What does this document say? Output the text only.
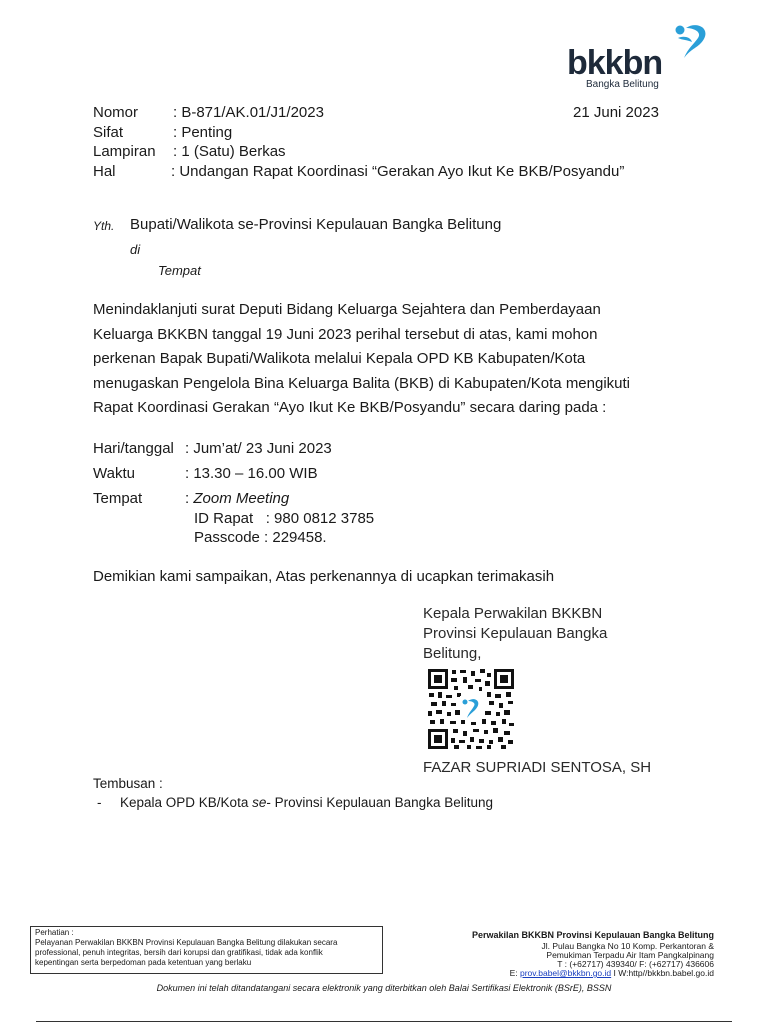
bkkbn
Bangka Belitung
Nomor : B-871/AK.01/J1/2023	21 Juni 2023
Sifat	: Penting
Lampiran : 1 (Satu) Berkas
Hal	: Undangan Rapat Koordinasi “Gerakan Ayo Ikut Ke BKB/Posyandu”
Yth. Bupati/Walikota se-Provinsi Kepulauan Bangka Belitung
di
Tempat
Menindaklanjuti surat Deputi Bidang Keluarga Sejahtera dan Pemberdayaan
Keluarga BKKBN tanggal 19 Juni 2023 perihal tersebut di atas, kami mohon
perkenan Bapak Bupati/Walikota melalui Kepala OPD KB Kabupaten/Kota
menugaskan Pengelola Bina Keluarga Balita (BKB) di Kabupaten/Kota mengikuti
Rapat Koordinasi Gerakan “Ayo Ikut Ke BKB/Posyandu” secara daring pada :
Hari/tanggal : Jum’at/ 23 Juni 2023
Waktu	: 13.30 – 16.00 WIB
Tempat	: Zoom Meeting
ID Rapat   : 980 0812 3785
Passcode : 229458.
Demikian kami sampaikan, Atas perkenannya di ucapkan terimakasih
Kepala Perwakilan BKKBN
Provinsi Kepulauan Bangka
Belitung,
FAZAR SUPRIADI SENTOSA, SH
Tembusan :
- Kepala OPD KB/Kota se- Provinsi Kepulauan Bangka Belitung
Perhatian :
Pelayanan Perwakilan BKKBN Provinsi Kepulauan Bangka Belitung dilakukan secara
professional, penuh integritas, bersih dari korupsi dan gratifikasi, tidak ada konflik
kepentingan serta berpedoman pada ketentuan yang berlaku
Perwakilan BKKBN Provinsi Kepulauan Bangka Belitung
Jl. Pulau Bangka No 10 Komp. Perkantoran &
Pemukiman Terpadu Air Itam Pangkalpinang
T : (+62717) 439340/ F: (+62717) 436606
E: prov.babel@bkkbn.go.id I W:http//bkkbn.babel.go.id
Dokumen ini telah ditandatangani secara elektronik yang diterbitkan oleh Balai Sertifikasi Elektronik (BSrE), BSSN
